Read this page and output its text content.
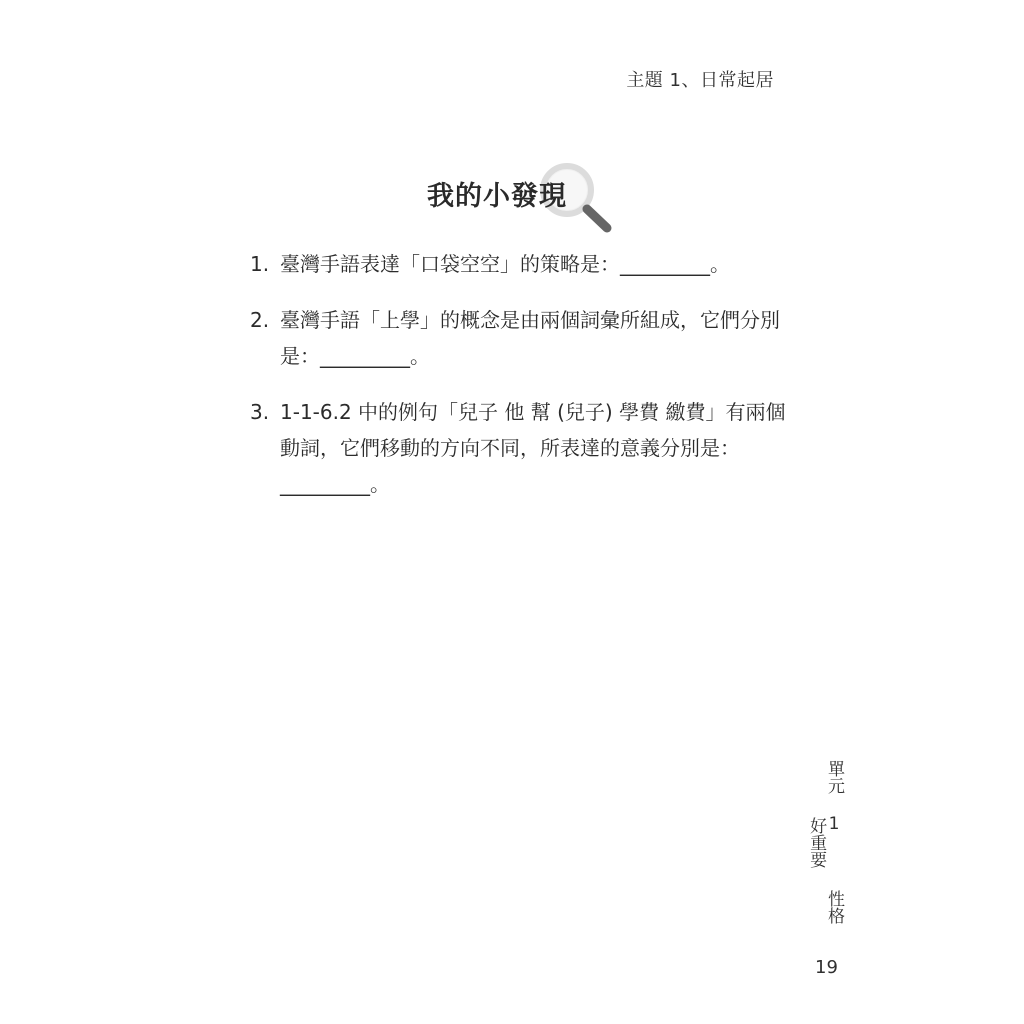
主題 1、日常起居
我的小發現
1. 臺灣手語表達「口袋空空」的策略是：_________。
2. 臺灣手語「上學」的概念是由兩個詞彙所組成，它們分別是：_________。
3. 1-1-6.2 中的例句「兒子 他 幫 (兒子) 學費 繳費」有兩個動詞，它們移動的方向不同，所表達的意義分別是：_________。
單元 1  性格好重要
19
